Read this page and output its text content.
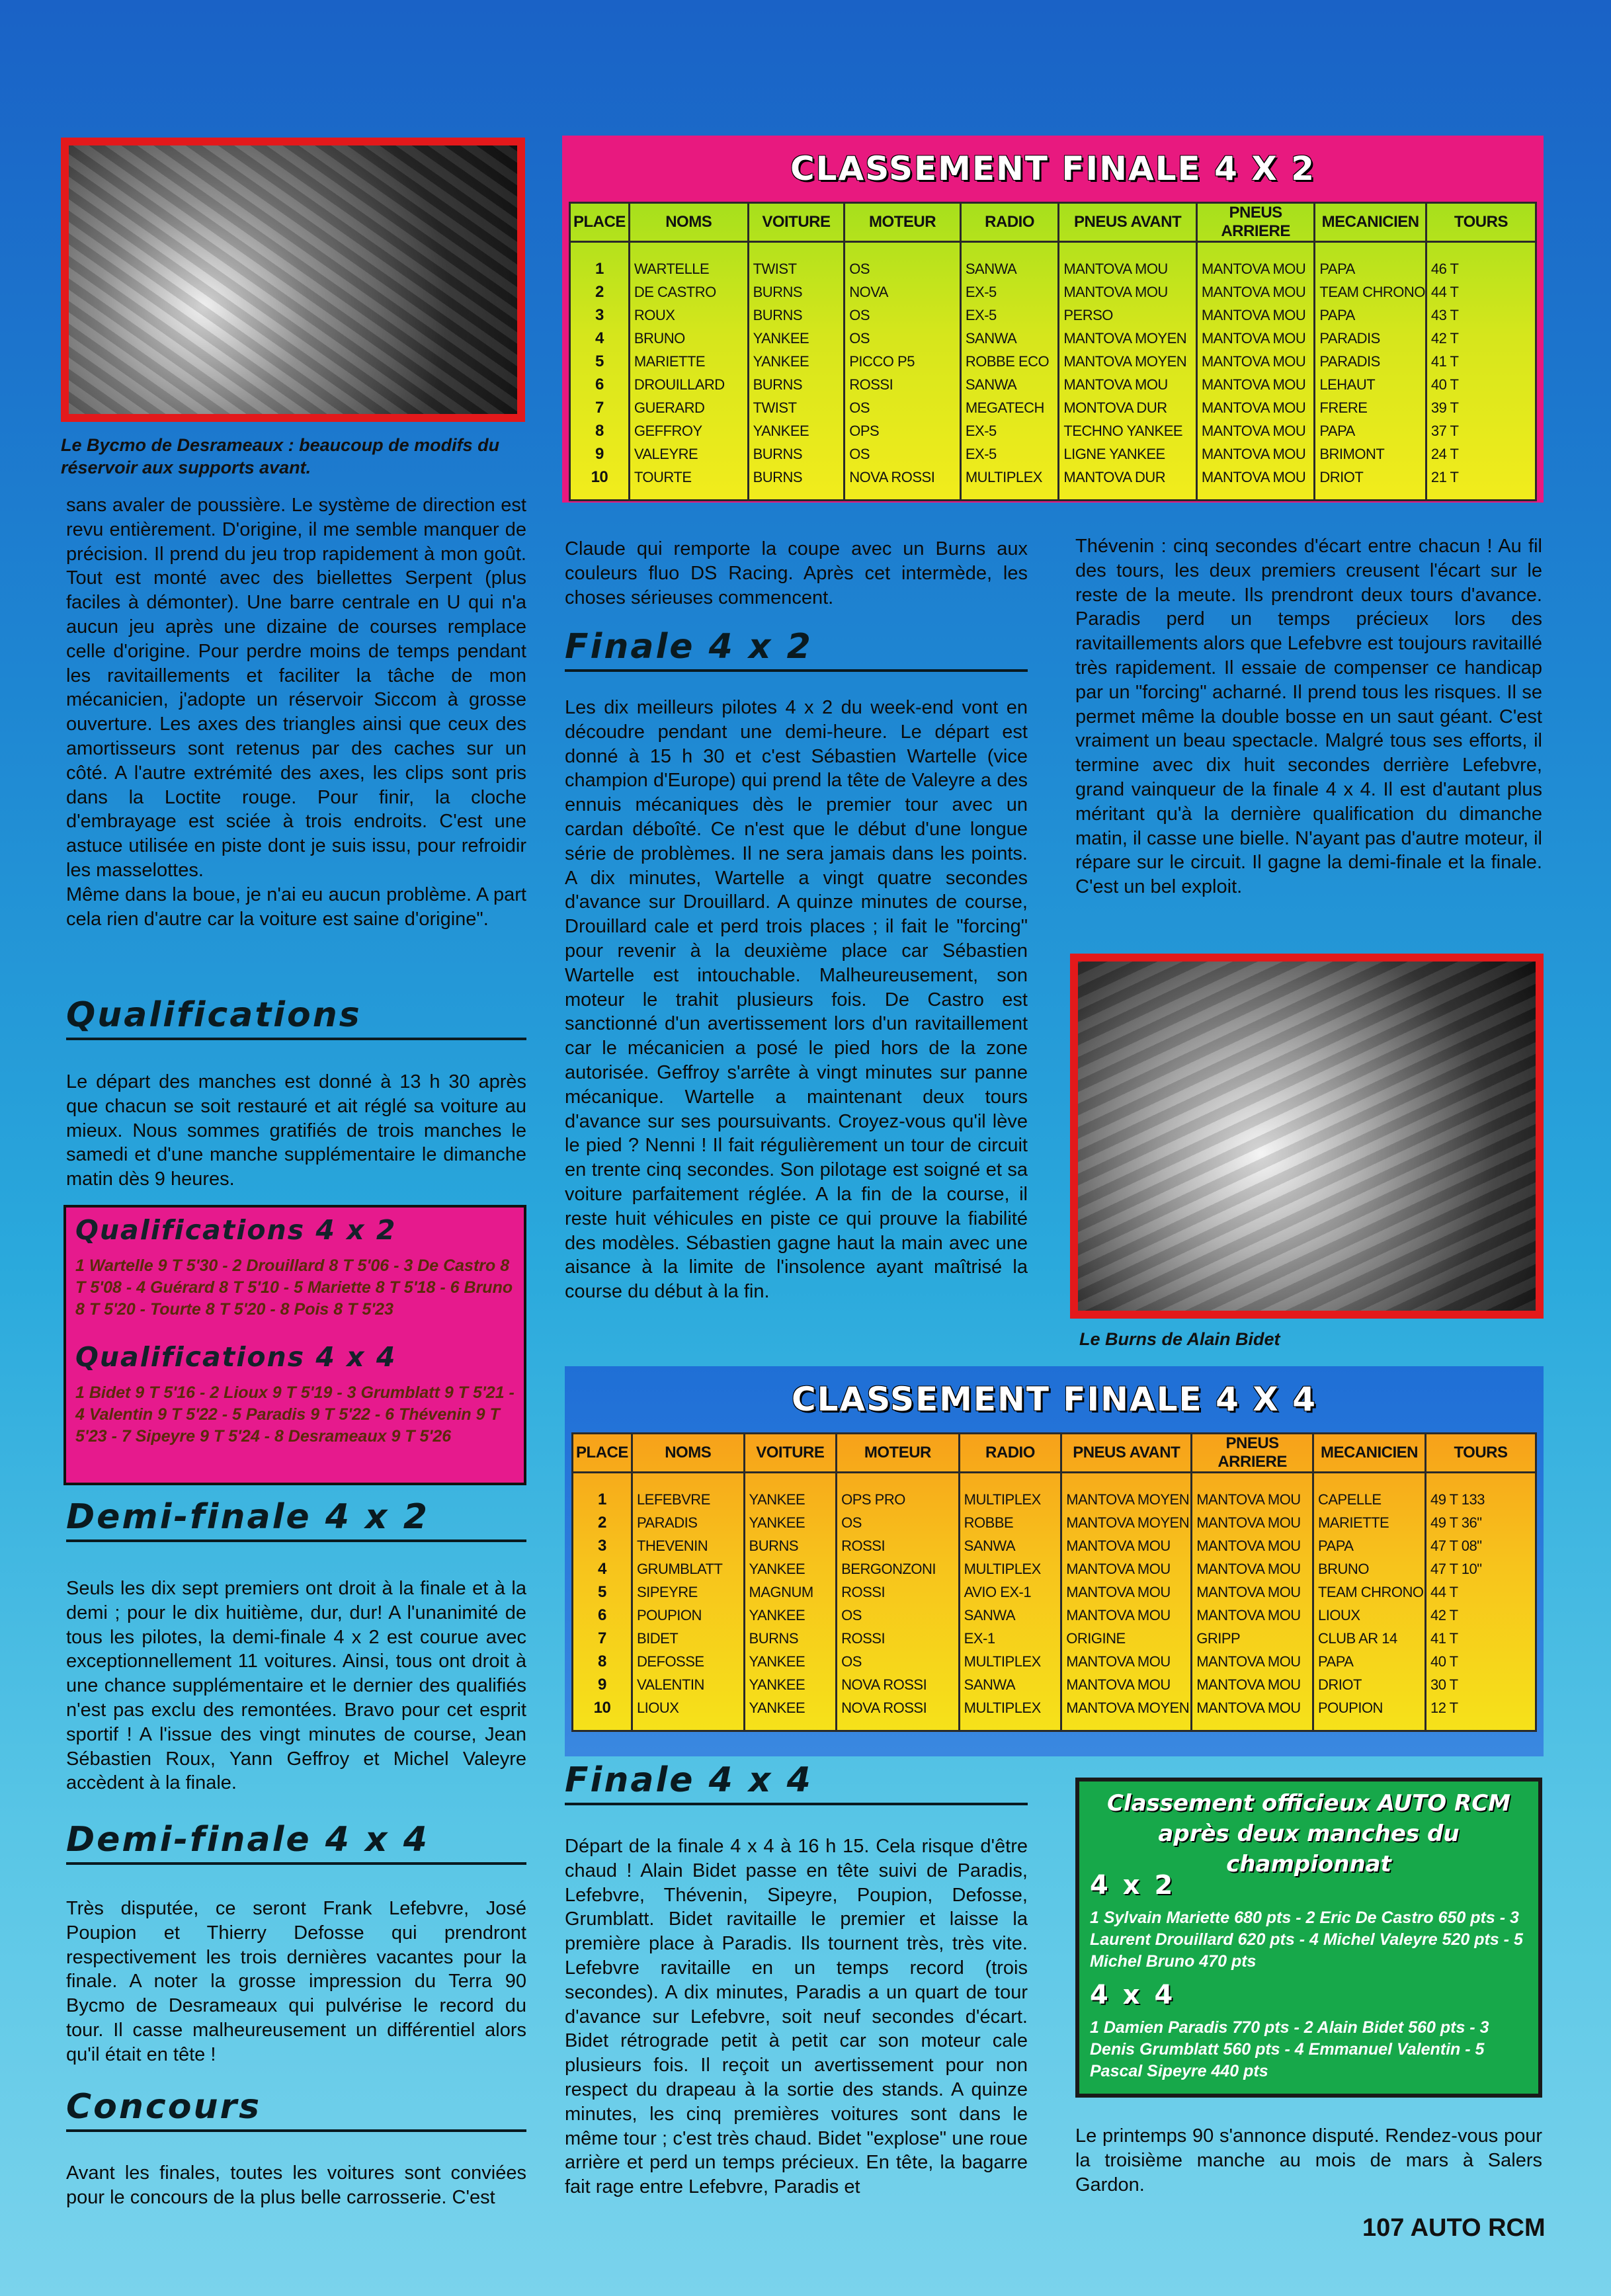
Le Bycmo de Desrameaux : beaucoup de modifs du réservoir aux supports avant.

sans avaler de poussière. Le système de direction est revu entièrement. D'origine, il me semble manquer de précision. Il prend du jeu trop rapidement à mon goût. Tout est monté avec des biellettes Serpent (plus faciles à démonter). Une barre centrale en U qui n'a aucun jeu après une dizaine de courses remplace celle d'origine. Pour perdre moins de temps pendant les ravitaillements et faciliter la tâche de mon mécanicien, j'adopte un réservoir Siccom à grosse ouverture. Les axes des triangles ainsi que ceux des amortisseurs sont retenus par des caches sur un côté. A l'autre extrémité des axes, les clips sont pris dans la Loctite rouge. Pour finir, la cloche d'embrayage est sciée à trois endroits. C'est une astuce utilisée en piste dont je suis issu, pour refroidir les masselottes.

Même dans la boue, je n'ai eu aucun problème. A part cela rien d'autre car la voiture est saine d'origine".

Qualifications
Le départ des manches est donné à 13 h 30 après que chacun se soit restauré et ait réglé sa voiture au mieux. Nous sommes gratifiés de trois manches le samedi et d'une manche supplémentaire le dimanche matin dès 9 heures.
Qualifications 4 x 2
1 Wartelle 9 T 5'30 - 2 Drouillard 8 T 5'06 - 3 De Castro 8 T 5'08 - 4 Guérard 8 T 5'10 - 5 Mariette 8 T 5'18 - 6 Bruno 8 T 5'20 - Tourte 8 T 5'20 - 8 Pois 8 T 5'23
Qualifications 4 x 4
1 Bidet 9 T 5'16 - 2 Lioux 9 T 5'19 - 3 Grumblatt 9 T 5'21 - 4 Valentin 9 T 5'22 - 5 Paradis 9 T 5'22 - 6 Thévenin 9 T 5'23 - 7 Sipeyre 9 T 5'24 - 8 Desrameaux 9 T 5'26
Demi-finale 4 x 2
Seuls les dix sept premiers ont droit à la finale et à la demi ; pour le dix huitième, dur, dur! A l'unanimité de tous les pilotes, la demi-finale 4 x 2 est courue avec exceptionnellement 11 voitures. Ainsi, tous ont droit à une chance supplémentaire et le dernier des qualifiés n'est pas exclu des remontées. Bravo pour cet esprit sportif ! A l'issue des vingt minutes de course, Jean Sébastien Roux, Yann Geffroy et Michel Valeyre accèdent à la finale.
Demi-finale 4 x 4
Très disputée, ce seront Frank Lefebvre, José Poupion et Thierry Defosse qui prendront respectivement les trois dernières vacantes pour la finale. A noter la grosse impression du Terra 90 Bycmo de Desrameaux qui pulvérise le record du tour. Il casse malheureusement un différentiel alors qu'il était en tête !
Concours
Avant les finales, toutes les voitures sont conviées pour le concours de la plus belle carrosserie. C'est
CLASSEMENT FINALE 4 X 2
PLACE	NOMS	VOITURE	MOTEUR	RADIO	PNEUS AVANT	PNEUS ARRIERE	MECANICIEN	TOURS

1	WARTELLE	TWIST	OS	SANWA	MANTOVA MOU	MANTOVA MOU	PAPA	46 T
2	DE CASTRO	BURNS	NOVA	EX-5	MANTOVA MOU	MANTOVA MOU	TEAM CHRONO	44 T
3	ROUX	BURNS	OS	EX-5	PERSO	MANTOVA MOU	PAPA	43 T
4	BRUNO	YANKEE	OS	SANWA	MANTOVA MOYEN	MANTOVA MOU	PARADIS	42 T
5	MARIETTE	YANKEE	PICCO P5	ROBBE ECO	MANTOVA MOYEN	MANTOVA MOU	PARADIS	41 T
6	DROUILLARD	BURNS	ROSSI	SANWA	MANTOVA MOU	MANTOVA MOU	LEHAUT	40 T
7	GUERARD	TWIST	OS	MEGATECH	MONTOVA DUR	MANTOVA MOU	FRERE	39 T
8	GEFFROY	YANKEE	OPS	EX-5	TECHNO YANKEE	MANTOVA MOU	PAPA	37 T
9	VALEYRE	BURNS	OS	EX-5	LIGNE YANKEE	MANTOVA MOU	BRIMONT	24 T
10	TOURTE	BURNS	NOVA ROSSI	MULTIPLEX	MANTOVA DUR	MANTOVA MOU	DRIOT	21 T

Claude qui remporte la coupe avec un Burns aux couleurs fluo DS Racing. Après cet intermède, les choses sérieuses commencent.
Finale 4 x 2
Les dix meilleurs pilotes 4 x 2 du week-end vont en découdre pendant une demi-heure. Le départ est donné à 15 h 30 et c'est Sébastien Wartelle (vice champion d'Europe) qui prend la tête de Valeyre a des ennuis mécaniques dès le premier tour avec un cardan déboîté. Ce n'est que le début d'une longue série de problèmes. Il ne sera jamais dans les points. A dix minutes, Wartelle a vingt quatre secondes d'avance sur Drouillard. A quinze minutes de course, Drouillard cale et perd trois places ; il fait le "forcing" pour revenir à la deuxième place car Sébastien Wartelle est intouchable. Malheureusement, son moteur le trahit plusieurs fois. De Castro est sanctionné d'un avertissement lors d'un ravitaillement car le mécanicien a posé le pied hors de la zone autorisée. Geffroy s'arrête à vingt minutes sur panne mécanique. Wartelle a maintenant deux tours d'avance sur ses poursuivants. Croyez-vous qu'il lève le pied ? Nenni ! Il fait régulièrement un tour de circuit en trente cinq secondes. Son pilotage est soigné et sa voiture parfaitement réglée. A la fin de la course, il reste huit véhicules en piste ce qui prouve la fiabilité des modèles. Sébastien gagne haut la main avec une aisance à la limite de l'insolence ayant maîtrisé la course du début à la fin.
Thévenin : cinq secondes d'écart entre chacun ! Au fil des tours, les deux premiers creusent l'écart sur le reste de la meute. Ils prendront deux tours d'avance. Paradis perd un temps précieux lors des ravitaillements alors que Lefebvre est toujours ravitaillé très rapidement. Il essaie de compenser ce handicap par un "forcing" acharné. Il prend tous les risques. Il se permet même la double bosse en un saut géant. C'est vraiment un beau spectacle. Malgré tous ses efforts, il termine avec dix huit secondes derrière Lefebvre, grand vainqueur de la finale 4 x 4. Il est d'autant plus méritant qu'à la dernière qualification du dimanche matin, il casse une bielle. N'ayant pas d'autre moteur, il répare sur le circuit. Il gagne la demi-finale et la finale. C'est un bel exploit.
Le Burns de Alain Bidet
CLASSEMENT FINALE 4 X 4
PLACE	NOMS	VOITURE	MOTEUR	RADIO	PNEUS AVANT	PNEUS ARRIERE	MECANICIEN	TOURS

1	LEFEBVRE	YANKEE	OPS PRO	MULTIPLEX	MANTOVA MOYEN	MANTOVA MOU	CAPELLE	49 T 133
2	PARADIS	YANKEE	OS	ROBBE	MANTOVA MOYEN	MANTOVA MOU	MARIETTE	49 T 36"
3	THEVENIN	BURNS	ROSSI	SANWA	MANTOVA MOU	MANTOVA MOU	PAPA	47 T 08"
4	GRUMBLATT	YANKEE	BERGONZONI	MULTIPLEX	MANTOVA MOU	MANTOVA MOU	BRUNO	47 T 10"
5	SIPEYRE	MAGNUM	ROSSI	AVIO EX-1	MANTOVA MOU	MANTOVA MOU	TEAM CHRONO	44 T
6	POUPION	YANKEE	OS	SANWA	MANTOVA MOU	MANTOVA MOU	LIOUX	42 T
7	BIDET	BURNS	ROSSI	EX-1	ORIGINE	GRIPP	CLUB AR 14	41 T
8	DEFOSSE	YANKEE	OS	MULTIPLEX	MANTOVA MOU	MANTOVA MOU	PAPA	40 T
9	VALENTIN	YANKEE	NOVA ROSSI	SANWA	MANTOVA MOU	MANTOVA MOU	DRIOT	30 T
10	LIOUX	YANKEE	NOVA ROSSI	MULTIPLEX	MANTOVA MOYEN	MANTOVA MOU	POUPION	12 T

Finale 4 x 4
Départ de la finale 4 x 4 à 16 h 15. Cela risque d'être chaud ! Alain Bidet passe en tête suivi de Paradis, Lefebvre, Thévenin, Sipeyre, Poupion, Defosse, Grumblatt. Bidet ravitaille le premier et laisse la première place à Paradis. Ils tournent très, très vite. Lefebvre ravitaille en un temps record (trois secondes). A dix minutes, Paradis a un quart de tour d'avance sur Lefebvre, soit neuf secondes d'écart. Bidet rétrograde petit à petit car son moteur cale plusieurs fois. Il reçoit un avertissement pour non respect du drapeau à la sortie des stands. A quinze minutes, les cinq premières voitures sont dans le même tour ; c'est très chaud. Bidet "explose" une roue arrière et perd un temps précieux. En tête, la bagarre fait rage entre Lefebvre, Paradis et
Classement officieux AUTO RCM après deux manches du championnat
4 x 2
1 Sylvain Mariette 680 pts - 2 Eric De Castro 650 pts - 3 Laurent Drouillard 620 pts - 4 Michel Valeyre 520 pts - 5 Michel Bruno 470 pts
4 x 4
1 Damien Paradis 770 pts - 2 Alain Bidet 560 pts - 3 Denis Grumblatt 560 pts - 4 Emmanuel Valentin - 5 Pascal Sipeyre 440 pts
Le printemps 90 s'annonce disputé. Rendez-vous pour la troisième manche au mois de mars à Salers Gardon.
107 AUTO RCM
